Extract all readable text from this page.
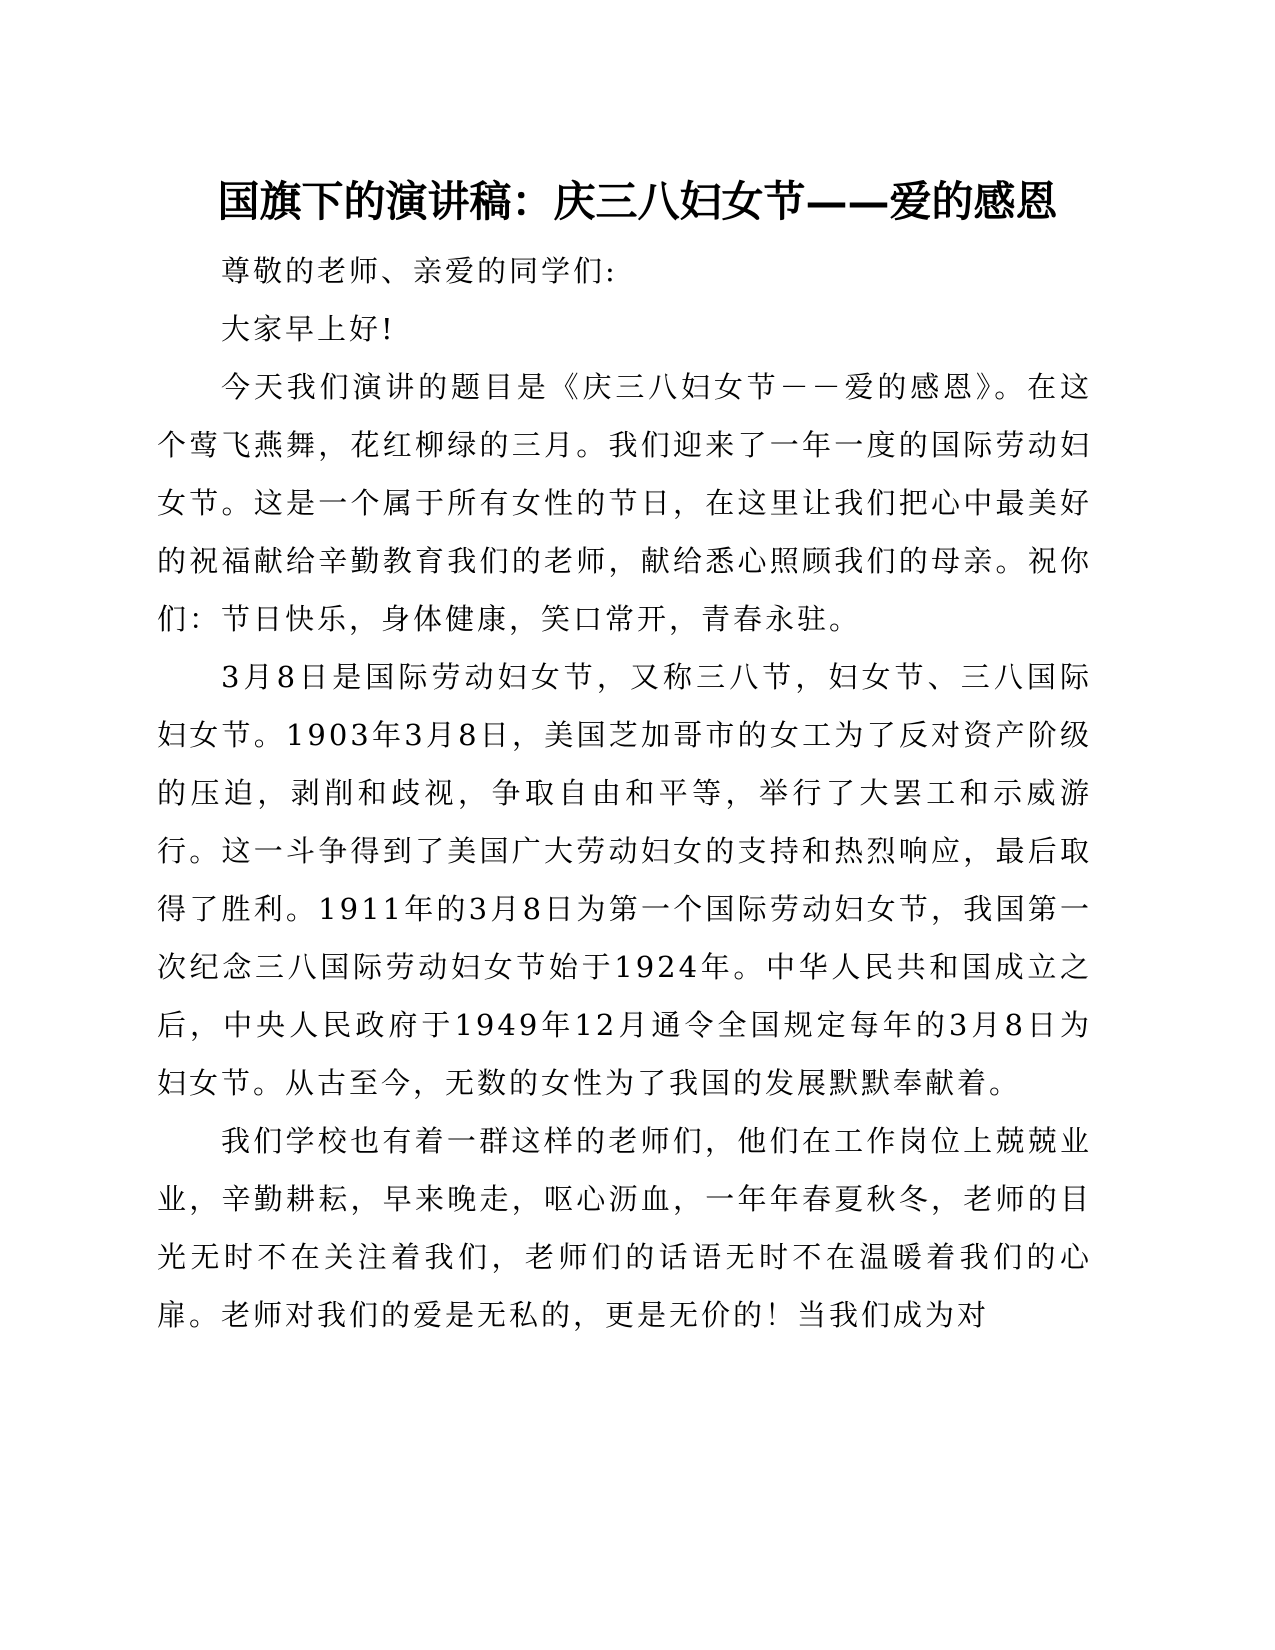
国旗下的演讲稿：庆三八妇女节——爱的感恩

尊敬的老师、亲爱的同学们:

大家早上好!

今天我们演讲的题目是《庆三八妇女节－－爱的感恩》。在这个莺飞燕舞，花红柳绿的三月。我们迎来了一年一度的国际劳动妇女节。这是一个属于所有女性的节日，在这里让我们把心中最美好的祝福献给辛勤教育我们的老师，献给悉心照顾我们的母亲。祝你们：节日快乐，身体健康，笑口常开，青春永驻。

3月8日是国际劳动妇女节，又称三八节，妇女节、三八国际妇女节。1903年3月8日，美国芝加哥市的女工为了反对资产阶级的压迫，剥削和歧视，争取自由和平等，举行了大罢工和示威游行。这一斗争得到了美国广大劳动妇女的支持和热烈响应，最后取得了胜利。1911年的3月8日为第一个国际劳动妇女节，我国第一次纪念三八国际劳动妇女节始于1924年。中华人民共和国成立之后，中央人民政府于1949年12月通令全国规定每年的3月8日为妇女节。从古至今，无数的女性为了我国的发展默默奉献着。

我们学校也有着一群这样的老师们，他们在工作岗位上兢兢业业，辛勤耕耘，早来晚走，呕心沥血，一年年春夏秋冬，老师的目光无时不在关注着我们，老师们的话语无时不在温暖着我们的心扉。老师对我们的爱是无私的，更是无价的！当我们成为对
